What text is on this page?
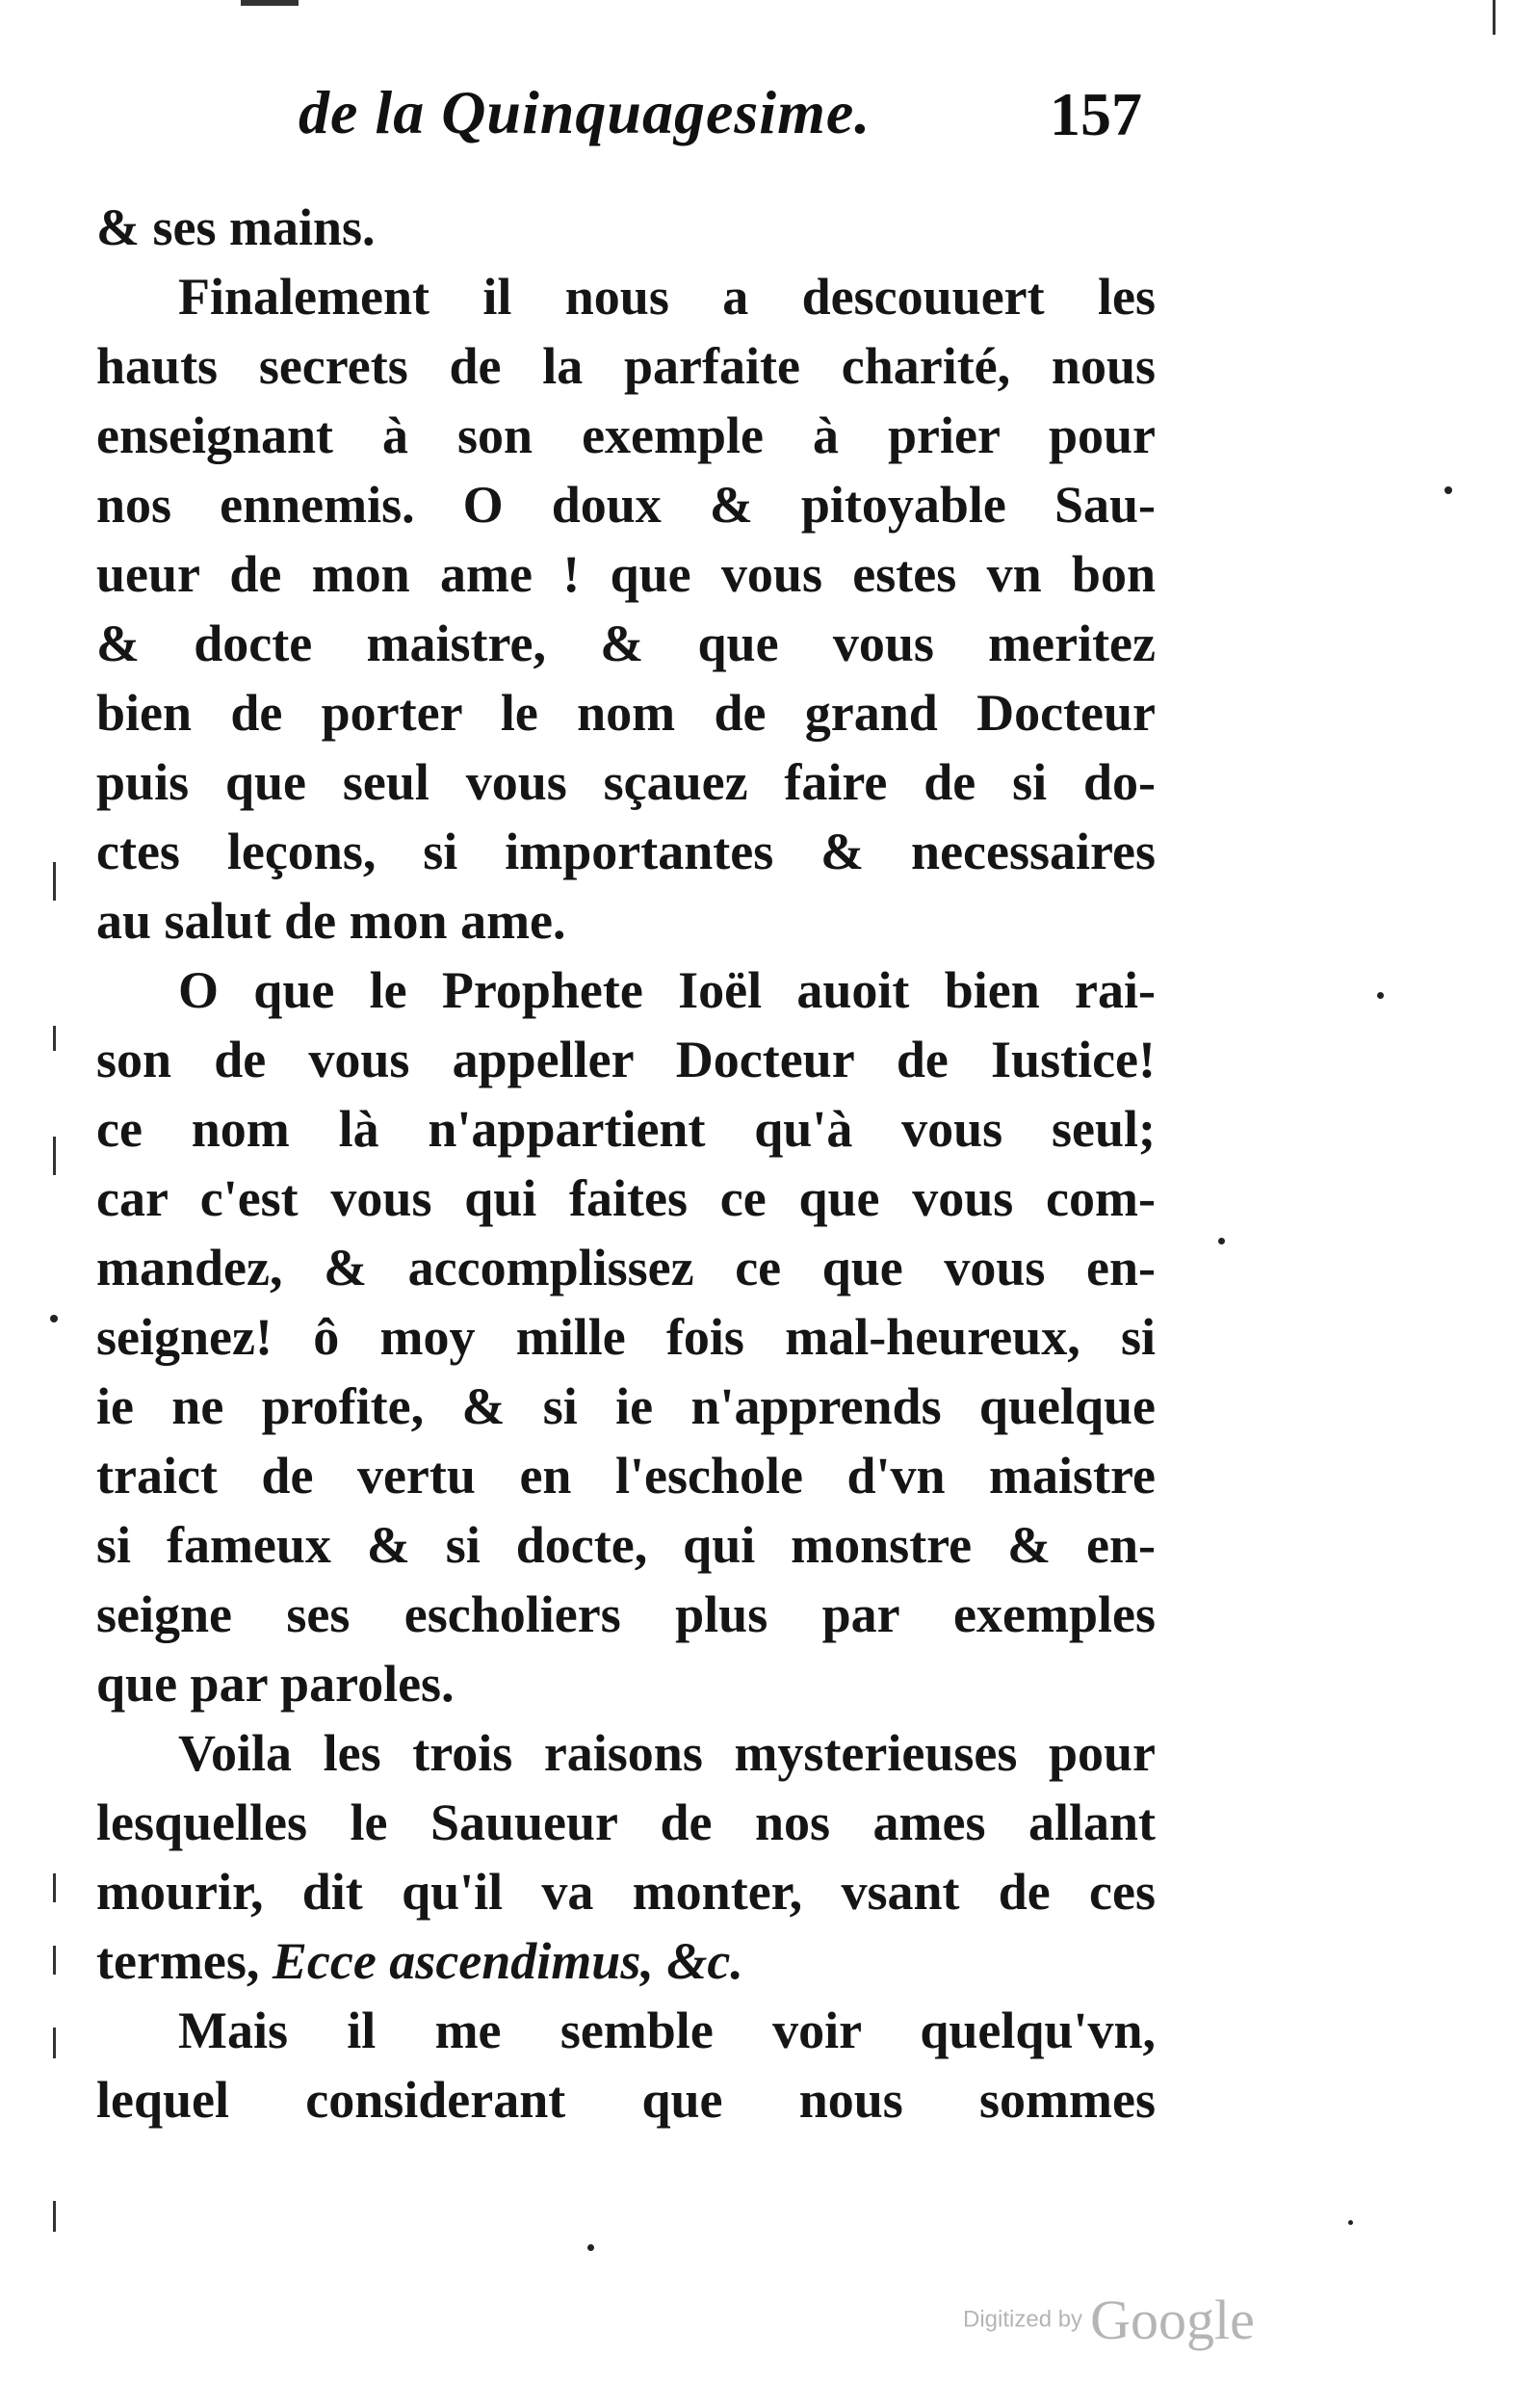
de la Quinquagesime.	157
& ses mains.
Finalement il nous a descouuert les
hauts secrets de la parfaite charité, nous
enseignant à son exemple à prier pour
nos ennemis. O doux & pitoyable Sau-
ueur de mon ame ! que vous estes vn bon
& docte maistre, & que vous meritez
bien de porter le nom de grand Docteur
puis que seul vous sçauez faire de si do-
ctes leçons, si importantes & necessaires
au salut de mon ame.
O que le Prophete Ioël auoit bien rai-
son de vous appeller Docteur de Iustice!
ce nom là n'appartient qu'à vous seul;
car c'est vous qui faites ce que vous com-
mandez, & accomplissez ce que vous en-
seignez! ô moy mille fois mal-heureux, si
ie ne profite, & si ie n'apprends quelque
traict de vertu en l'eschole d'vn maistre
si fameux & si docte, qui monstre & en-
seigne ses escholiers plus par exemples
que par paroles.
Voila les trois raisons mysterieuses pour
lesquelles le Sauueur de nos ames allant
mourir, dit qu'il va monter, vsant de ces
termes, Ecce ascendimus, &c.
Mais il me semble voir quelqu'vn,
lequel considerant que nous sommes
Digitized by Google
